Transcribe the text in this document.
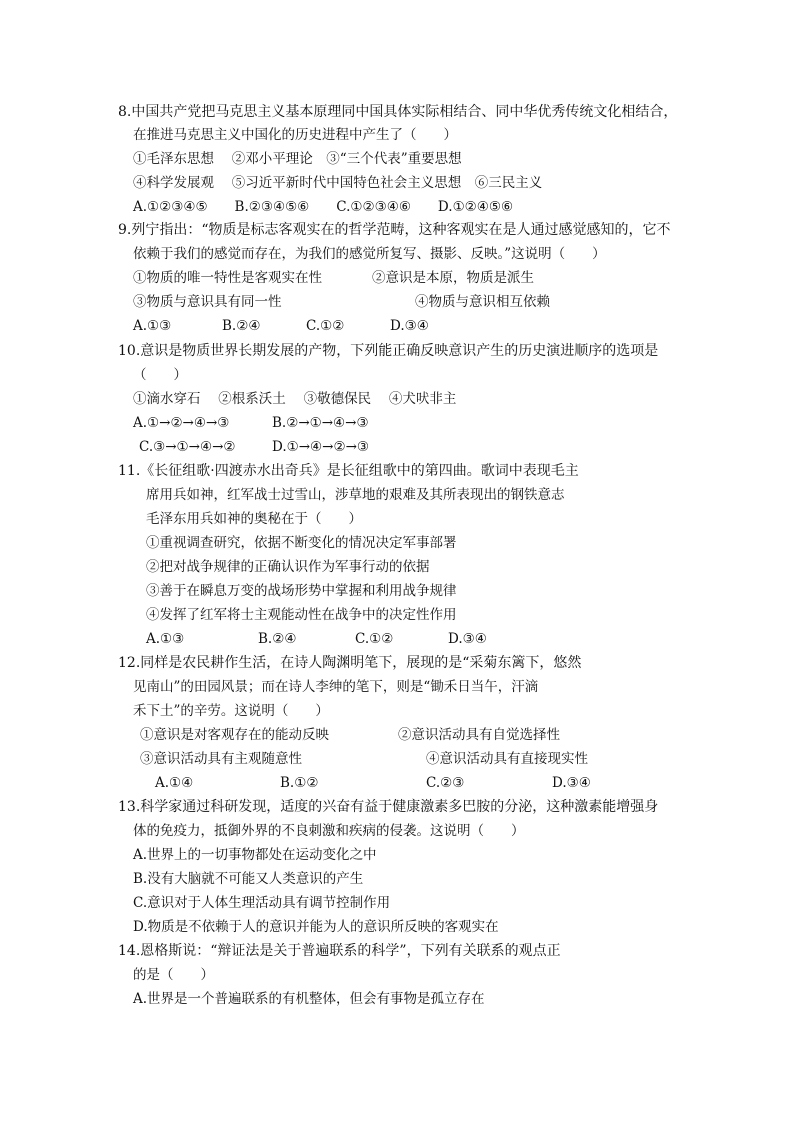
8.中国共产党把马克思主义基本原理同中国具体实际相结合、同中华优秀传统文化相结合，
在推进马克思主义中国化的历史进程中产生了（　　）
①毛泽东思想　 ②邓小平理论　③“三个代表”重要思想
④科学发展观　 ⑤习近平新时代中国特色社会主义思想　⑥三民主义
A.①②③④⑤　　B.②③④⑤⑥　　C.①②③④⑥　　D.①②④⑤⑥
9.列宁指出：“物质是标志客观实在的哲学范畴，这种客观实在是人通过感觉感知的，它不
依赖于我们的感觉而存在，为我们的感觉所复写、摄影、反映。”这说明（　　）
①物质的唯一特性是客观实在性	②意识是本原，物质是派生
③物质与意识具有同一性	④物质与意识相互依赖
A.①③	B.②④	C.①②	D.③④
10.意识是物质世界长期发展的产物，下列能正确反映意识产生的历史演进顺序的选项是
（　　）
①滴水穿石　 ②根系沃土　 ③敬德保民　 ④犬吠非主
A.①→②→④→③	B.②→①→④→③
C.③→①→④→②	D.①→④→②→③
11.《长征组歌·四渡赤水出奇兵》是长征组歌中的第四曲。歌词中表现毛主
席用兵如神，红军战士过雪山，涉草地的艰难及其所表现出的钢铁意志
毛泽东用兵如神的奥秘在于（　　）
①重视调查研究，依据不断变化的情况决定军事部署
②把对战争规律的正确认识作为军事行动的依据
③善于在瞬息万变的战场形势中掌握和利用战争规律
④发挥了红军将士主观能动性在战争中的决定性作用
A.①③	B.②④	C.①②	D.③④
12.同样是农民耕作生活，在诗人陶渊明笔下，展现的是“采菊东篱下，悠然
见南山”的田园风景；而在诗人李绅的笔下，则是“锄禾日当午，汗滴
禾下土”的辛劳。这说明（　　）
①意识是对客观存在的能动反映	②意识活动具有自觉选择性
③意识活动具有主观随意性	④意识活动具有直接现实性
A.①④	B.①②	C.②③	D.③④
13.科学家通过科研发现，适度的兴奋有益于健康激素多巴胺的分泌，这种激素能增强身
体的免疫力，抵御外界的不良刺激和疾病的侵袭。这说明（　　）
A.世界上的一切事物都处在运动变化之中
B.没有大脑就不可能又人类意识的产生
C.意识对于人体生理活动具有调节控制作用
D.物质是不依赖于人的意识并能为人的意识所反映的客观实在
14.恩格斯说：“辩证法是关于普遍联系的科学”，下列有关联系的观点正
的是（　　）
A.世界是一个普遍联系的有机整体，但会有事物是孤立存在
